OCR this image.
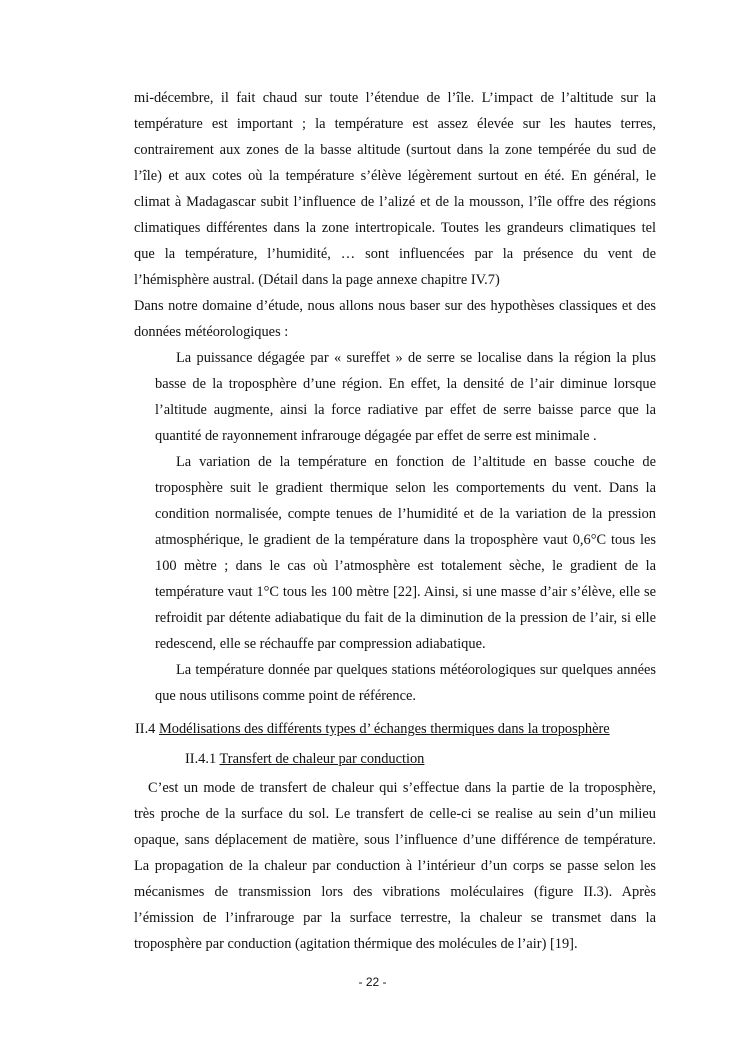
mi-décembre, il fait chaud sur toute l’étendue de l’île. L’impact de l’altitude sur la température est important ; la température est assez élevée sur les hautes terres, contrairement aux zones de la basse altitude (surtout dans la zone tempérée du sud de l’île) et aux cotes où la température s’élève légèrement surtout en été. En général, le climat à Madagascar subit l’influence de l’alizé et de la mousson, l’île offre des régions climatiques différentes dans la zone intertropicale. Toutes les grandeurs climatiques tel que la température, l’humidité, … sont influencées par la présence du vent de l’hémisphère austral. (Détail dans la page annexe chapitre IV.7)

Dans notre domaine d’étude, nous allons nous baser sur des hypothèses classiques et des données météorologiques :

La puissance dégagée par « sureffet » de serre se localise dans la région la plus basse de la troposphère d’une région. En effet, la densité de l’air diminue lorsque l’altitude augmente, ainsi la force radiative par effet de serre baisse parce que la quantité de rayonnement infrarouge dégagée par effet de serre est minimale .

La variation de la température en fonction de l’altitude en basse couche de troposphère suit le gradient thermique selon les comportements du vent. Dans la condition normalisée, compte tenues de l’humidité et de la variation de la pression atmosphérique, le gradient de la température dans la troposphère vaut 0,6°C tous les 100 mètre ; dans le cas où l’atmosphère est totalement sèche, le gradient de la température vaut 1°C tous les 100 mètre [22]. Ainsi, si une masse d’air s’élève, elle se refroidit par détente adiabatique du fait de la diminution de la pression de l’air, si elle redescend, elle se réchauffe par compression adiabatique.

La température donnée par quelques stations météorologiques sur quelques années que nous utilisons comme point de référence.

II.4 Modélisations des différents types d’ échanges thermiques dans la troposphère
II.4.1 Transfert de chaleur par conduction

C’est un mode de transfert de chaleur qui s’effectue dans la partie de la troposphère, très proche de la surface du sol. Le transfert de celle-ci se realise au sein d’un milieu opaque, sans déplacement de matière, sous l’influence d’une différence de température. La propagation de la chaleur par conduction à l’intérieur d’un corps se passe selon les mécanismes de transmission lors des vibrations moléculaires (figure II.3). Après l’émission de l’infrarouge par la surface terrestre, la chaleur se transmet dans la troposphère par conduction (agitation thérmique des molécules de l’air) [19].

- 22 -
